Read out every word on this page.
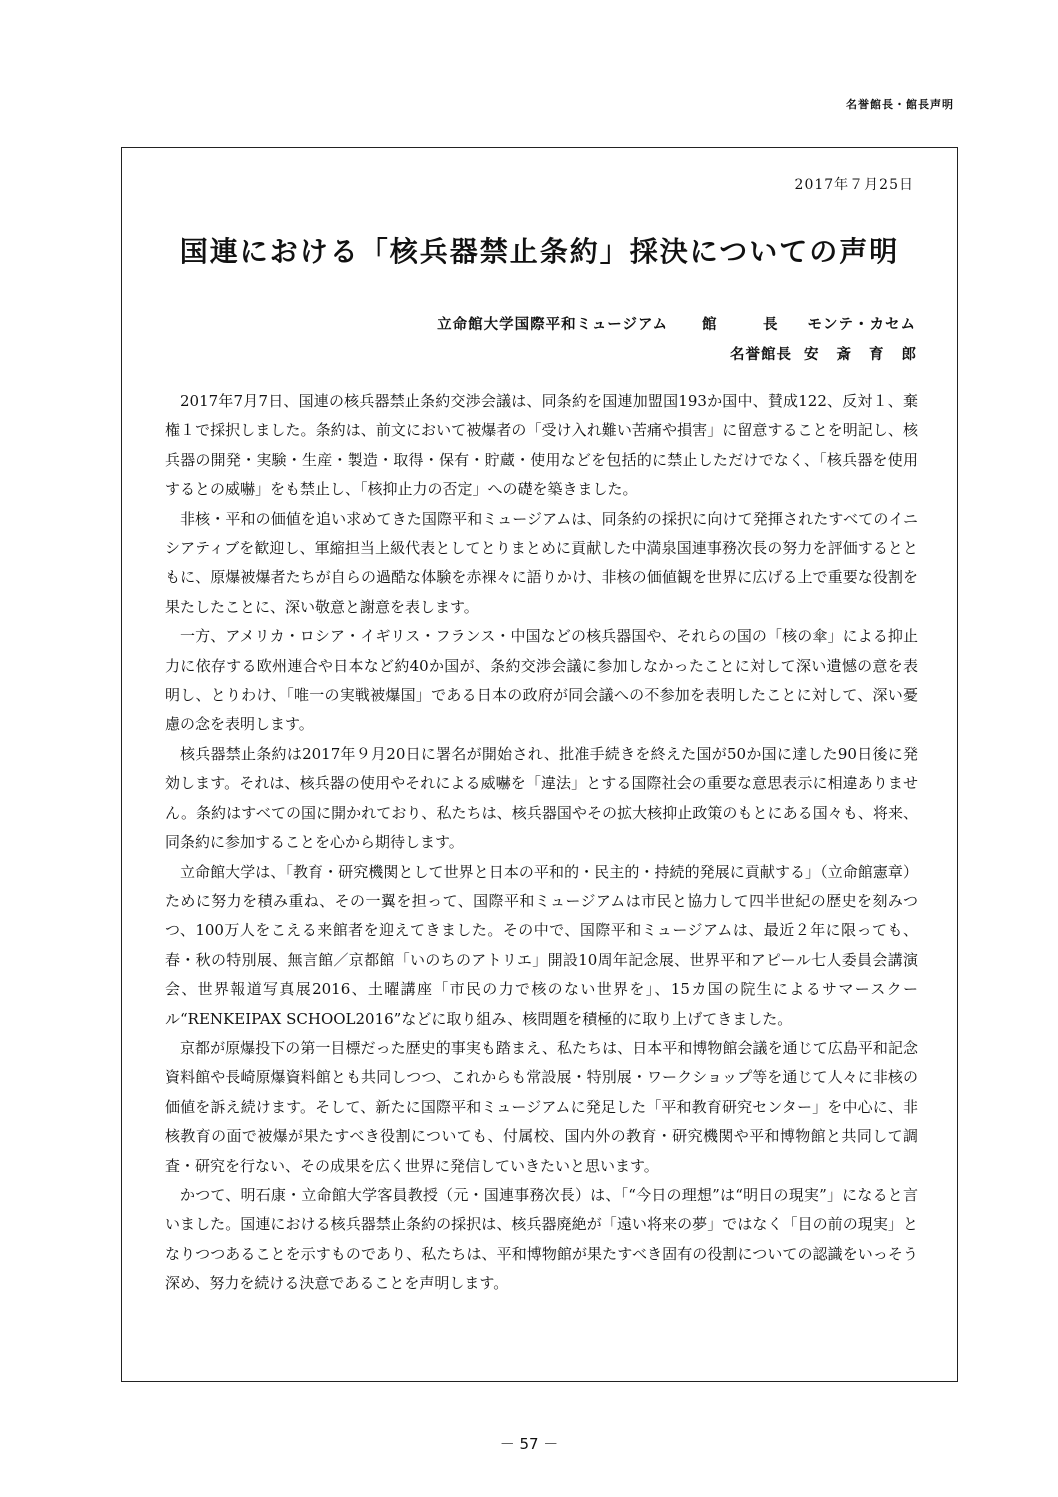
名誉館長・館長声明
2017年７月25日
国連における「核兵器禁止条約」採決についての声明
立命館大学国際平和ミュージアム 館　長 モンテ・カセム
名誉館長 安斎育郎

2017年7月7日、国連の核兵器禁止条約交渉会議は、同条約を国連加盟国193か国中、賛成122、反対１、棄権１で採択しました。条約は、前文において被爆者の「受け入れ難い苦痛や損害」に留意することを明記し、核兵器の開発・実験・生産・製造・取得・保有・貯蔵・使用などを包括的に禁止しただけでなく、「核兵器を使用するとの威嚇」をも禁止し、「核抑止力の否定」への礎を築きました。

非核・平和の価値を追い求めてきた国際平和ミュージアムは、同条約の採択に向けて発揮されたすべてのイニシアティブを歓迎し、軍縮担当上級代表としてとりまとめに貢献した中満泉国連事務次長の努力を評価するとともに、原爆被爆者たちが自らの過酷な体験を赤裸々に語りかけ、非核の価値観を世界に広げる上で重要な役割を果たしたことに、深い敬意と謝意を表します。

一方、アメリカ・ロシア・イギリス・フランス・中国などの核兵器国や、それらの国の「核の傘」による抑止力に依存する欧州連合や日本など約40か国が、条約交渉会議に参加しなかったことに対して深い遺憾の意を表明し、とりわけ、「唯一の実戦被爆国」である日本の政府が同会議への不参加を表明したことに対して、深い憂慮の念を表明します。

核兵器禁止条約は2017年９月20日に署名が開始され、批准手続きを終えた国が50か国に達した90日後に発効します。それは、核兵器の使用やそれによる威嚇を「違法」とする国際社会の重要な意思表示に相違ありません。条約はすべての国に開かれており、私たちは、核兵器国やその拡大核抑止政策のもとにある国々も、将来、同条約に参加することを心から期待します。

立命館大学は、「教育・研究機関として世界と日本の平和的・民主的・持続的発展に貢献する」（立命館憲章）ために努力を積み重ね、その一翼を担って、国際平和ミュージアムは市民と協力して四半世紀の歴史を刻みつつ、100万人をこえる来館者を迎えてきました。その中で、国際平和ミュージアムは、最近２年に限っても、春・秋の特別展、無言館／京都館「いのちのアトリエ」開設10周年記念展、世界平和アピール七人委員会講演会、世界報道写真展2016、土曜講座「市民の力で核のない世界を」、15カ国の院生によるサマースクール“RENKEIPAX SCHOOL2016”などに取り組み、核問題を積極的に取り上げてきました。

京都が原爆投下の第一目標だった歴史的事実も踏まえ、私たちは、日本平和博物館会議を通じて広島平和記念資料館や長崎原爆資料館とも共同しつつ、これからも常設展・特別展・ワークショップ等を通じて人々に非核の価値を訴え続けます。そして、新たに国際平和ミュージアムに発足した「平和教育研究センター」を中心に、非核教育の面で被爆が果たすべき役割についても、付属校、国内外の教育・研究機関や平和博物館と共同して調査・研究を行ない、その成果を広く世界に発信していきたいと思います。

かつて、明石康・立命館大学客員教授（元・国連事務次長）は、「“今日の理想”は“明日の現実”」になると言いました。国連における核兵器禁止条約の採択は、核兵器廃絶が「遠い将来の夢」ではなく「目の前の現実」となりつつあることを示すものであり、私たちは、平和博物館が果たすべき固有の役割についての認識をいっそう深め、努力を続ける決意であることを声明します。

－ 57 －
